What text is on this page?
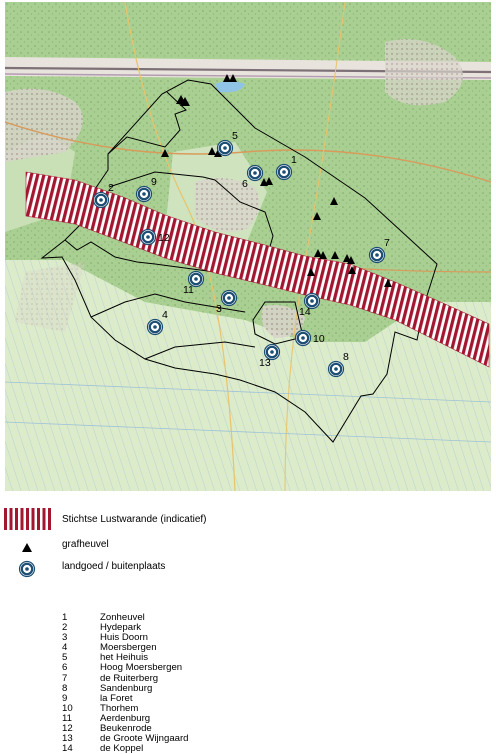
1
2
3
4
5
6
7
8
9
10
11
12
13
14
Stichtse Lustwarande (indicatief)
grafheuvel
landgoed / buitenplaats
1	Zonheuvel
2	Hydepark
3	Huis Doorn
4	Moersbergen
5	het Heihuis
6	Hoog Moersbergen
7	de Ruiterberg
8	Sandenburg
9	la Foret
10	Thorhem
11	Aerdenburg
12	Beukenrode
13	de Groote Wijngaard
14	de Koppel
